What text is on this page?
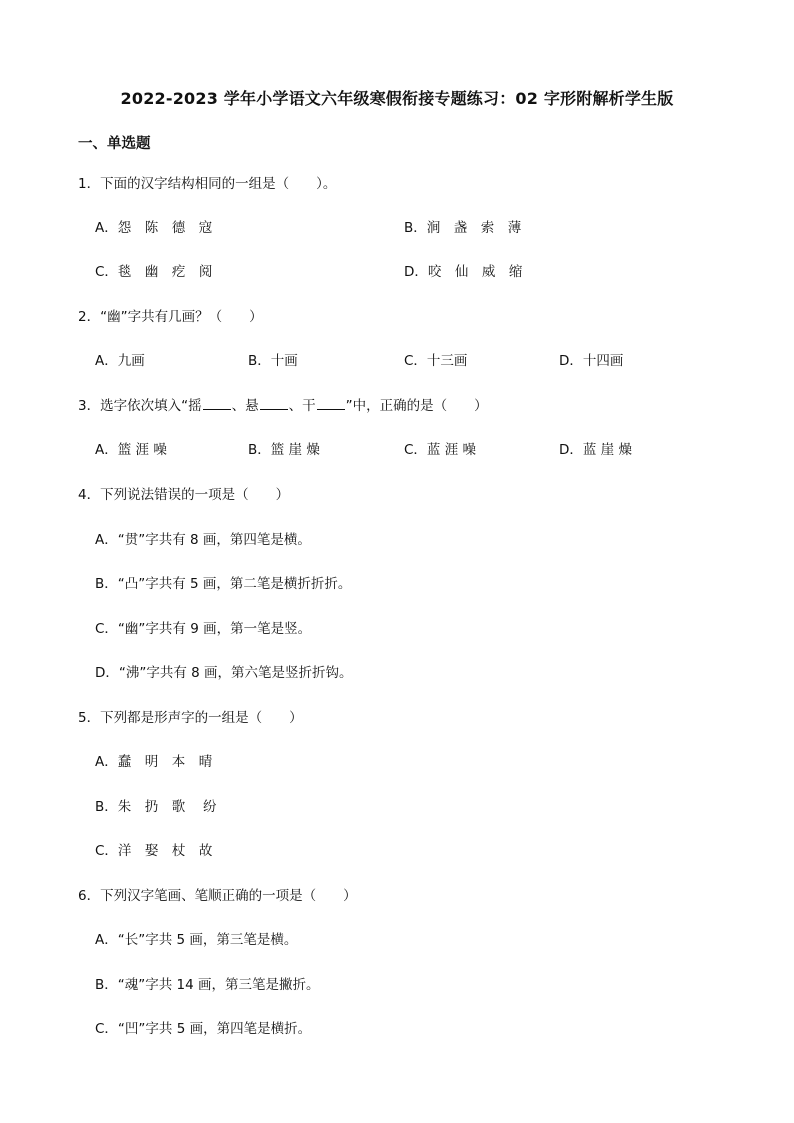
2022-2023 学年小学语文六年级寒假衔接专题练习：02 字形附解析学生版
一、单选题
1．下面的汉字结构相同的一组是（　　）。
A．怨　陈　德　寇	B．涧　盏　索　薄
C．毯　幽　疙　阅	D．咬　仙　威　缩
2．“幽”字共有几画？（　　）
A．九画	B．十画	C．十三画	D．十四画
3．选字依次填入“摇 、悬 、干 ”中，正确的是（　　）
A．篮 涯 噪	B．篮 崖 燥	C．蓝 涯 噪	D．蓝 崖 燥
4．下列说法错误的一项是（　　）
A．“贯”字共有 8 画，第四笔是横。
B．“凸”字共有 5 画，第二笔是横折折折。
C．“幽”字共有 9 画，第一笔是竖。
D．“沸”字共有 8 画，第六笔是竖折折钩。
5．下列都是形声字的一组是（　　）
A．蠢　明　本　晴
B．朱　扔　歌　 纷
C．洋　娶　杖　故
6．下列汉字笔画、笔顺正确的一项是（　　）
A．“长”字共 5 画，第三笔是横。
B．“魂”字共 14 画，第三笔是撇折。
C．“凹”字共 5 画，第四笔是横折。
